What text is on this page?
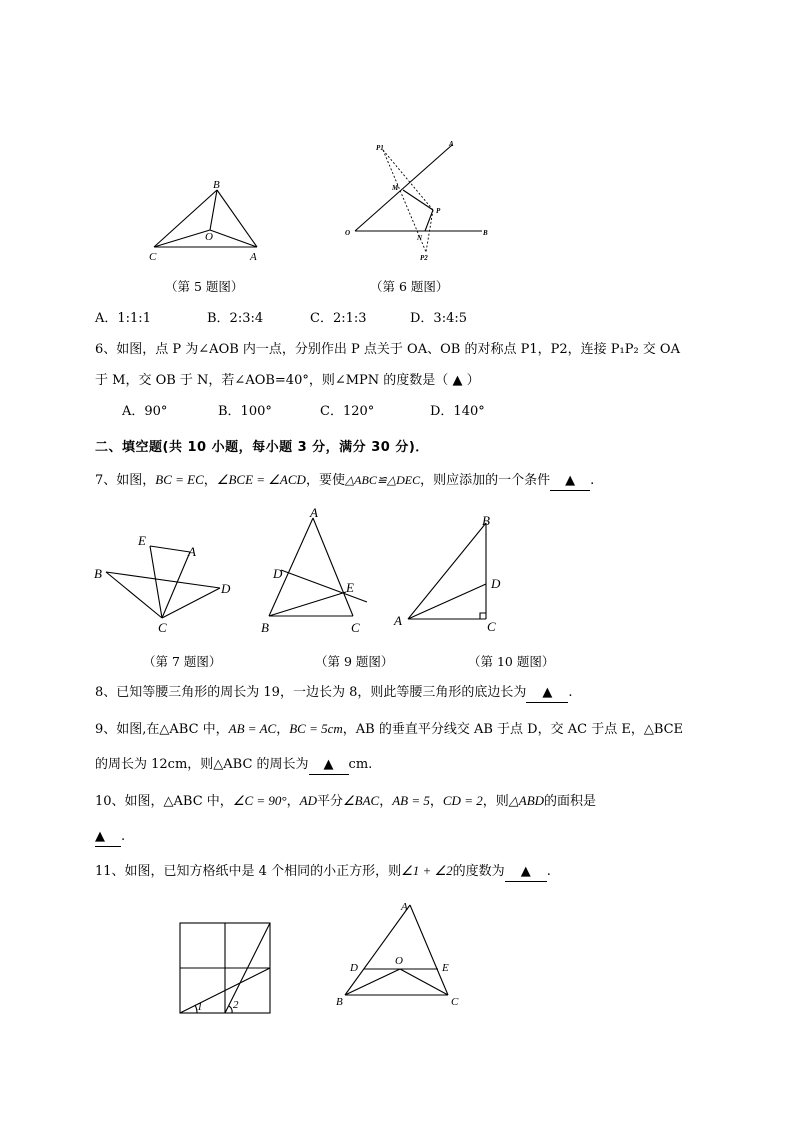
B
O
C	A
（第 5 题图）
P1	A
M
P
O
N
B
P2
（第 6 题图）
A．1:1:1	B．2:3:4	C．2:1:3	D．3:4:5
6、如图，点 P 为∠AOB 内一点，分别作出 P 点关于 OA、OB 的对称点 P1，P2，连接 P₁P₂ 交 OA
于 M，交 OB 于 N，若∠AOB=40°，则∠MPN 的度数是（ ▲ ）
A．90°	B．100°	C．120°	D．140°
二、填空题(共 10 小题，每小题 3 分，满分 30 分)．
7、如图，BC = EC，∠BCE = ∠ACD，要使△ABC≌△DEC，则应添加的一个条件 ▲ .
E
A
B
D
C
（第 7 题图）
A
D
E
B	C
（第 9 题图）
B
D
A	C
（第 10 题图）
8、已知等腰三角形的周长为 19，一边长为 8，则此等腰三角形的底边长为 ▲ .
9、如图,在△ABC 中，AB = AC，BC = 5cm，AB 的垂直平分线交 AB 于点 D，交 AC 于点 E，△BCE
的周长为 12cm，则△ABC 的周长为 ▲ cm.
10、如图，△ABC 中，∠C = 90°，AD平分∠BAC，AB = 5，CD = 2，则△ABD的面积是
▲ .
11、如图，已知方格纸中是 4 个相同的小正方形，则∠1 + ∠2的度数为 ▲ .
1	2
A
D
O
E
B	C
